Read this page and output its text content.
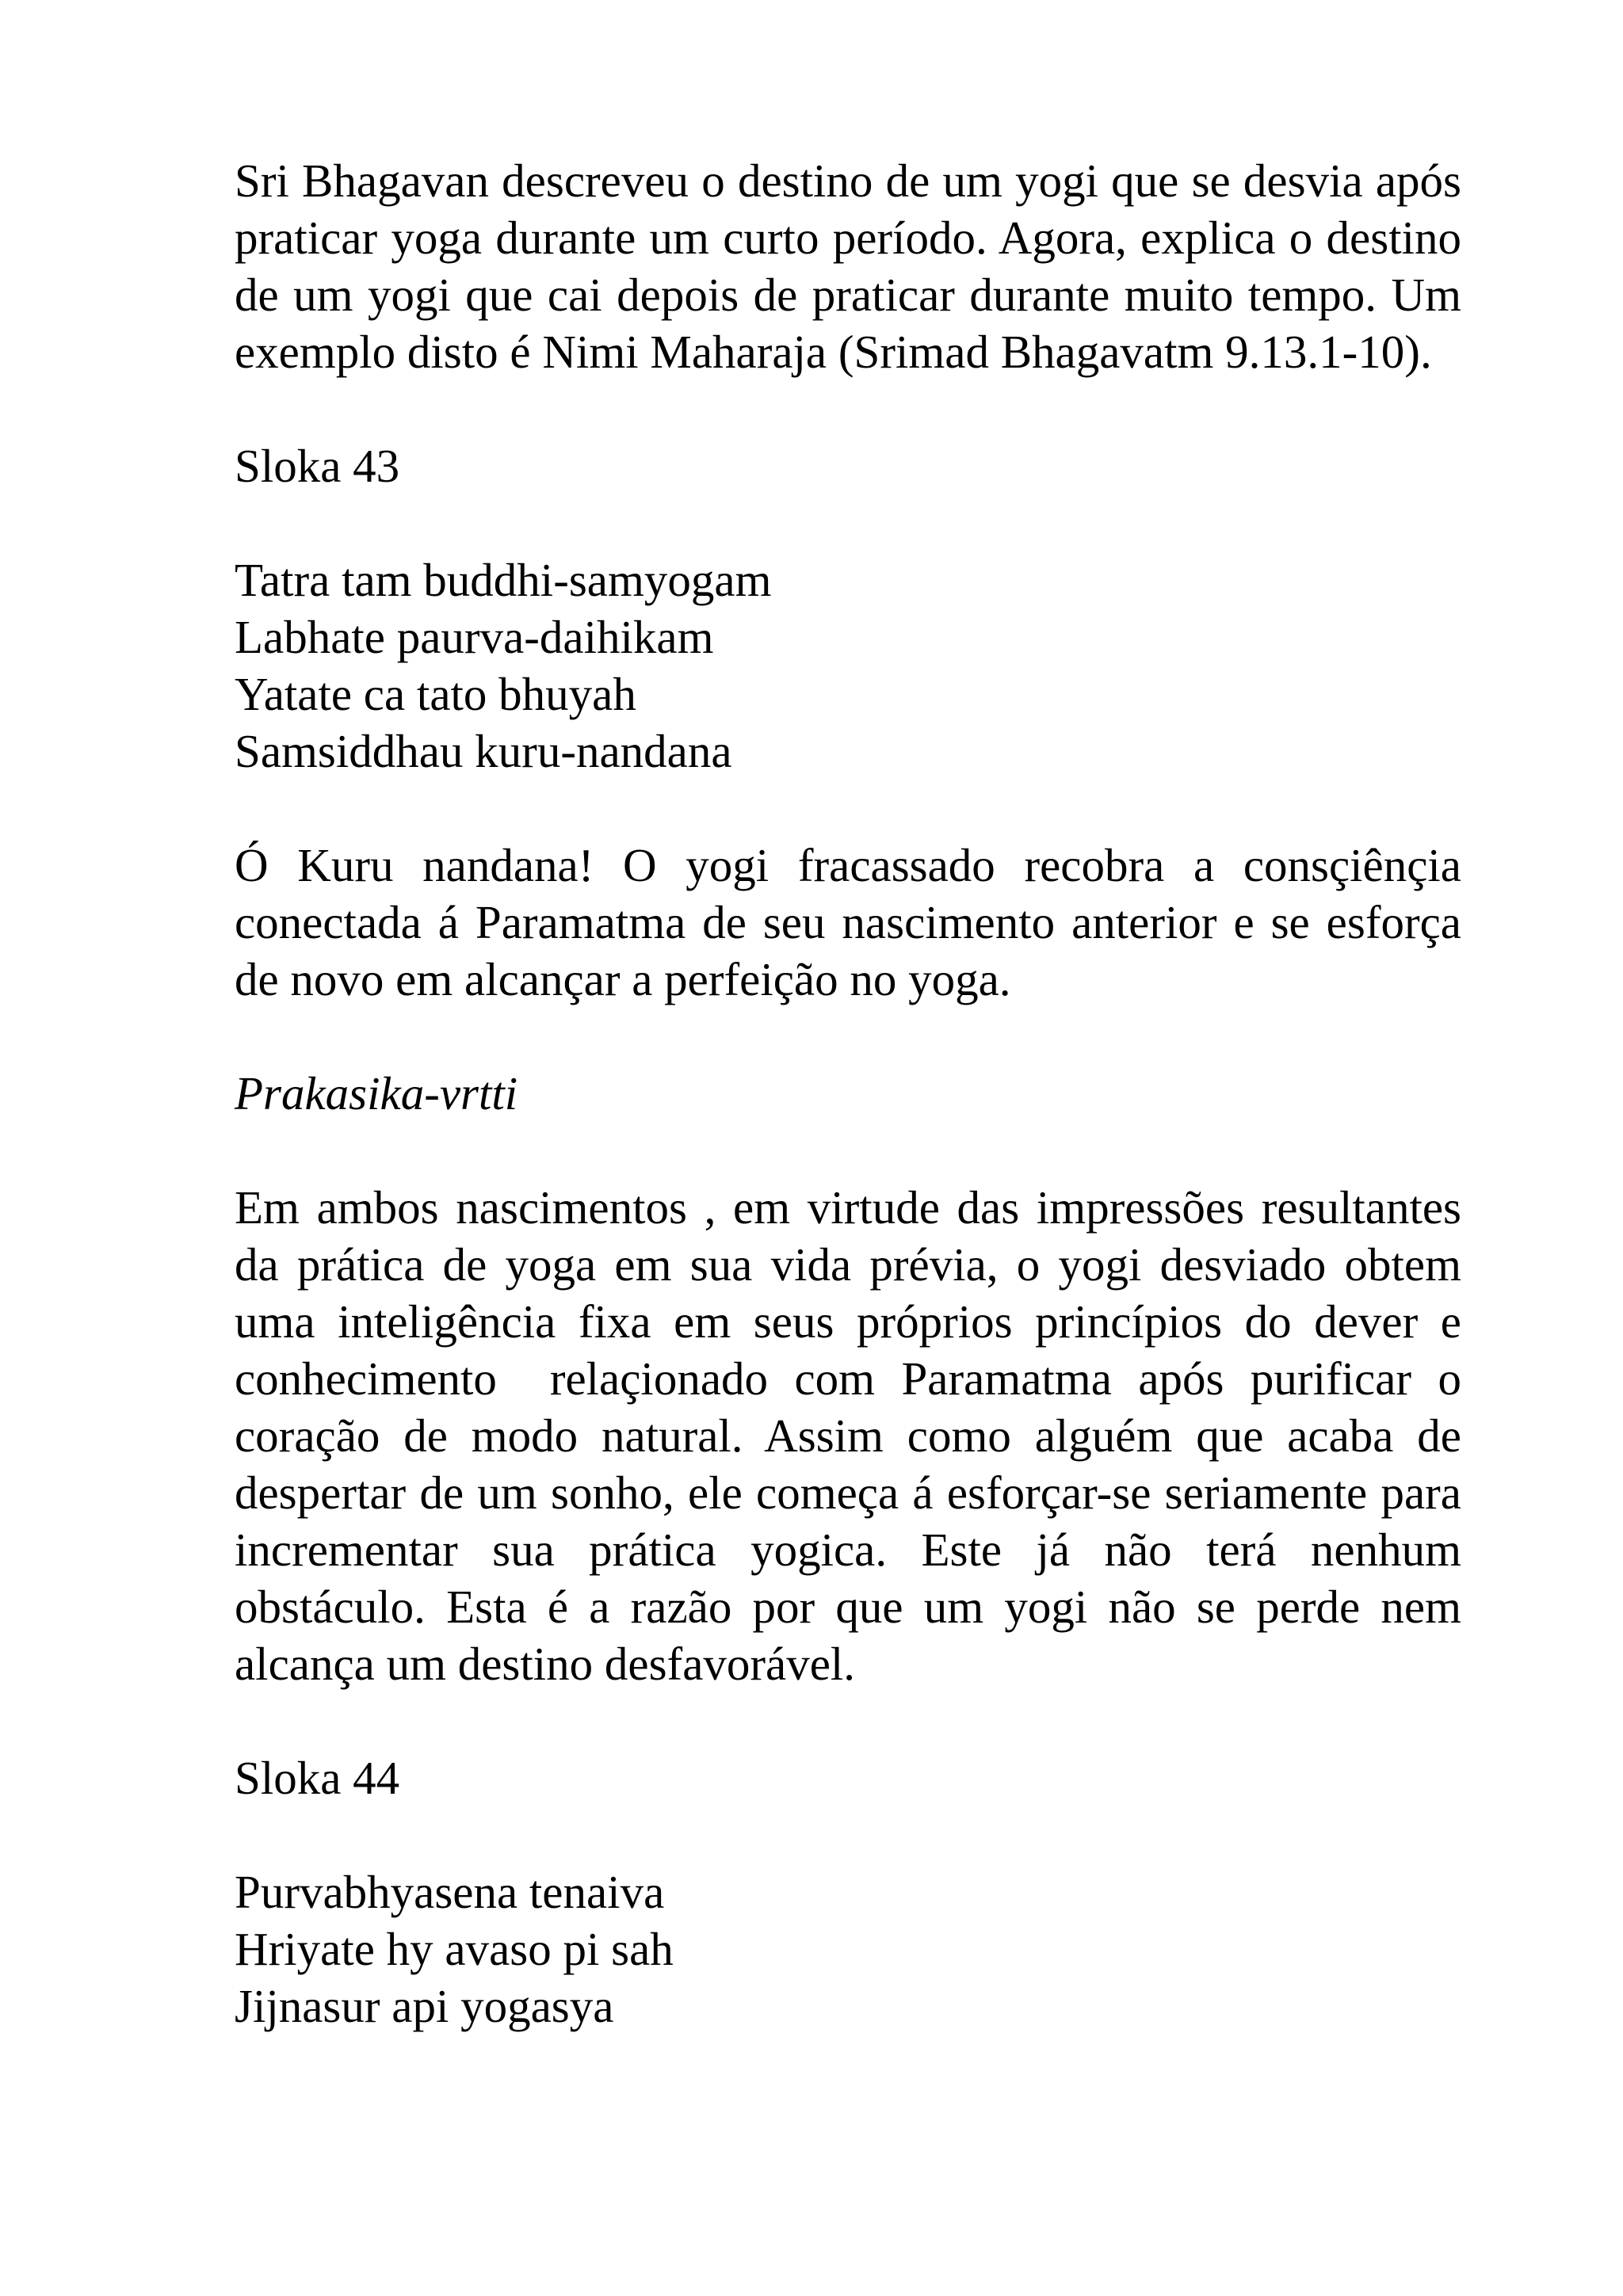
Sri Bhagavan descreveu o destino de um yogi que se desvia após praticar yoga durante um curto período. Agora, explica o destino de um yogi que cai depois de praticar durante muito tempo. Um exemplo disto é Nimi Maharaja (Srimad Bhagavatm 9.13.1-10).

Sloka 43

Tatra tam buddhi-samyogam
Labhate paurva-daihikam
Yatate ca tato bhuyah
Samsiddhau kuru-nandana

Ó Kuru nandana! O yogi fracassado recobra a consçiênçia conectada á Paramatma de seu nascimento anterior e se esforça de novo em alcançar a perfeição no yoga.

Prakasika-vrtti

Em ambos nascimentos , em virtude das impressões resultantes da prática de yoga em sua vida prévia, o yogi desviado obtem uma inteligência fixa em seus próprios princípios do dever e conhecimento  relaçionado com Paramatma após purificar o coração de modo natural. Assim como alguém que acaba de despertar de um sonho, ele começa á esforçar-se seriamente para incrementar sua prática yogica. Este já não terá nenhum obstáculo. Esta é a razão por que um yogi não se perde nem alcança um destino desfavorável.

Sloka 44

Purvabhyasena tenaiva
Hriyate hy avaso pi sah
Jijnasur api yogasya
